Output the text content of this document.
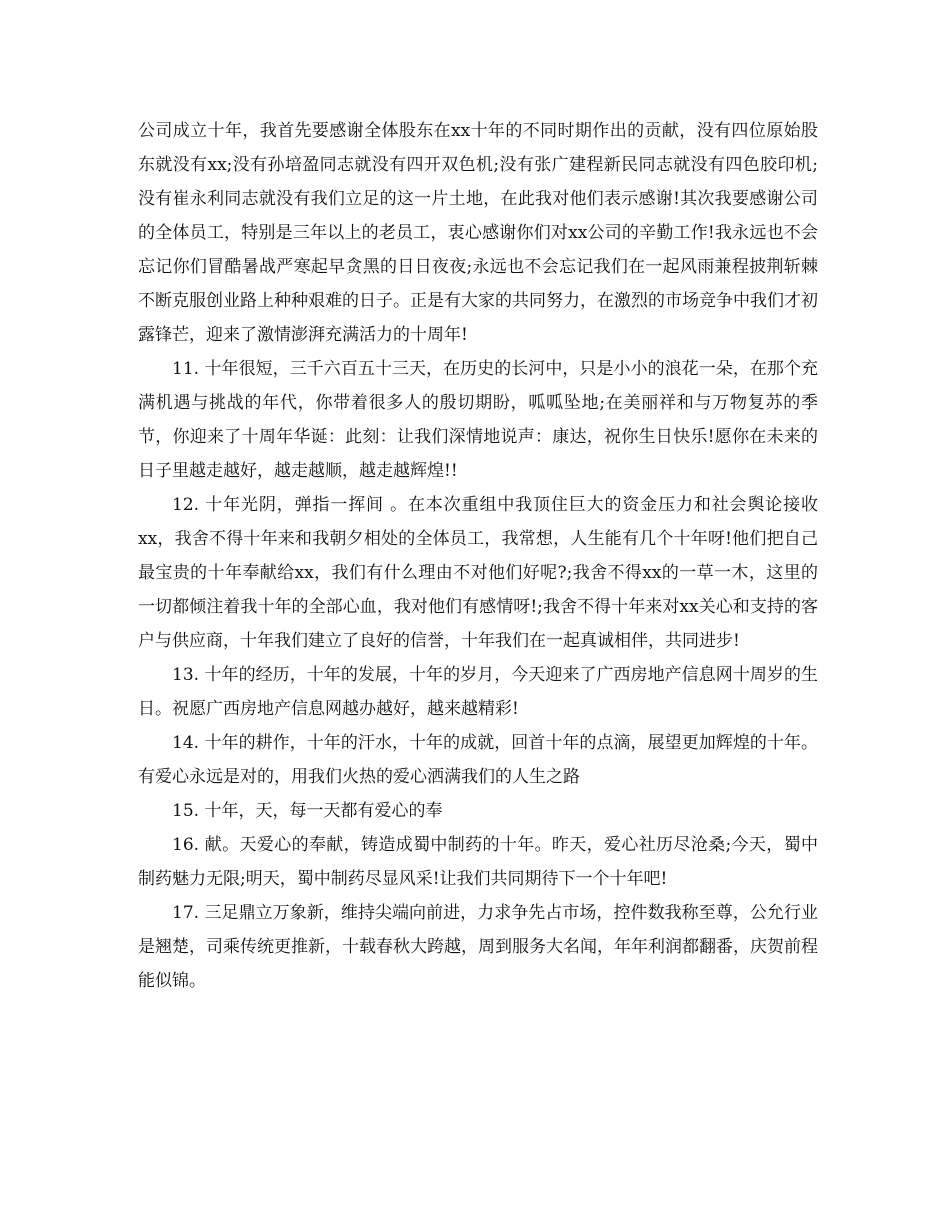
公司成立十年，我首先要感谢全体股东在xx十年的不同时期作出的贡献，没有四位原始股东就没有xx;没有孙培盈同志就没有四开双色机;没有张广建程新民同志就没有四色胶印机;没有崔永利同志就没有我们立足的这一片土地，在此我对他们表示感谢!其次我要感谢公司的全体员工，特别是三年以上的老员工，衷心感谢你们对xx公司的辛勤工作!我永远也不会忘记你们冒酷暑战严寒起早贪黑的日日夜夜;永远也不会忘记我们在一起风雨兼程披荆斩棘不断克服创业路上种种艰难的日子。正是有大家的共同努力，在激烈的市场竞争中我们才初露锋芒，迎来了激情澎湃充满活力的十周年!

11. 十年很短，三千六百五十三天，在历史的长河中，只是小小的浪花一朵，在那个充满机遇与挑战的年代，你带着很多人的殷切期盼，呱呱坠地;在美丽祥和与万物复苏的季节，你迎来了十周年华诞：此刻：让我们深情地说声：康达，祝你生日快乐!愿你在未来的日子里越走越好，越走越顺，越走越辉煌!!

12. 十年光阴，弹指一挥间 。在本次重组中我顶住巨大的资金压力和社会舆论接收xx，我舍不得十年来和我朝夕相处的全体员工，我常想，人生能有几个十年呀!他们把自己最宝贵的十年奉献给xx，我们有什么理由不对他们好呢?;我舍不得xx的一草一木，这里的一切都倾注着我十年的全部心血，我对他们有感情呀!;我舍不得十年来对xx关心和支持的客户与供应商，十年我们建立了良好的信誉，十年我们在一起真诚相伴，共同进步!

13. 十年的经历，十年的发展，十年的岁月，今天迎来了广西房地产信息网十周岁的生日。祝愿广西房地产信息网越办越好，越来越精彩!

14. 十年的耕作，十年的汗水，十年的成就，回首十年的点滴，展望更加辉煌的十年。有爱心永远是对的，用我们火热的爱心洒满我们的人生之路

15. 十年，天，每一天都有爱心的奉

16. 献。天爱心的奉献，铸造成蜀中制药的十年。昨天，爱心社历尽沧桑;今天，蜀中制药魅力无限;明天，蜀中制药尽显风采!让我们共同期待下一个十年吧!

17. 三足鼎立万象新，维持尖端向前进，力求争先占市场，控件数我称至尊，公允行业是翘楚，司乘传统更推新，十载春秋大跨越，周到服务大名闻，年年利润都翻番，庆贺前程能似锦。
